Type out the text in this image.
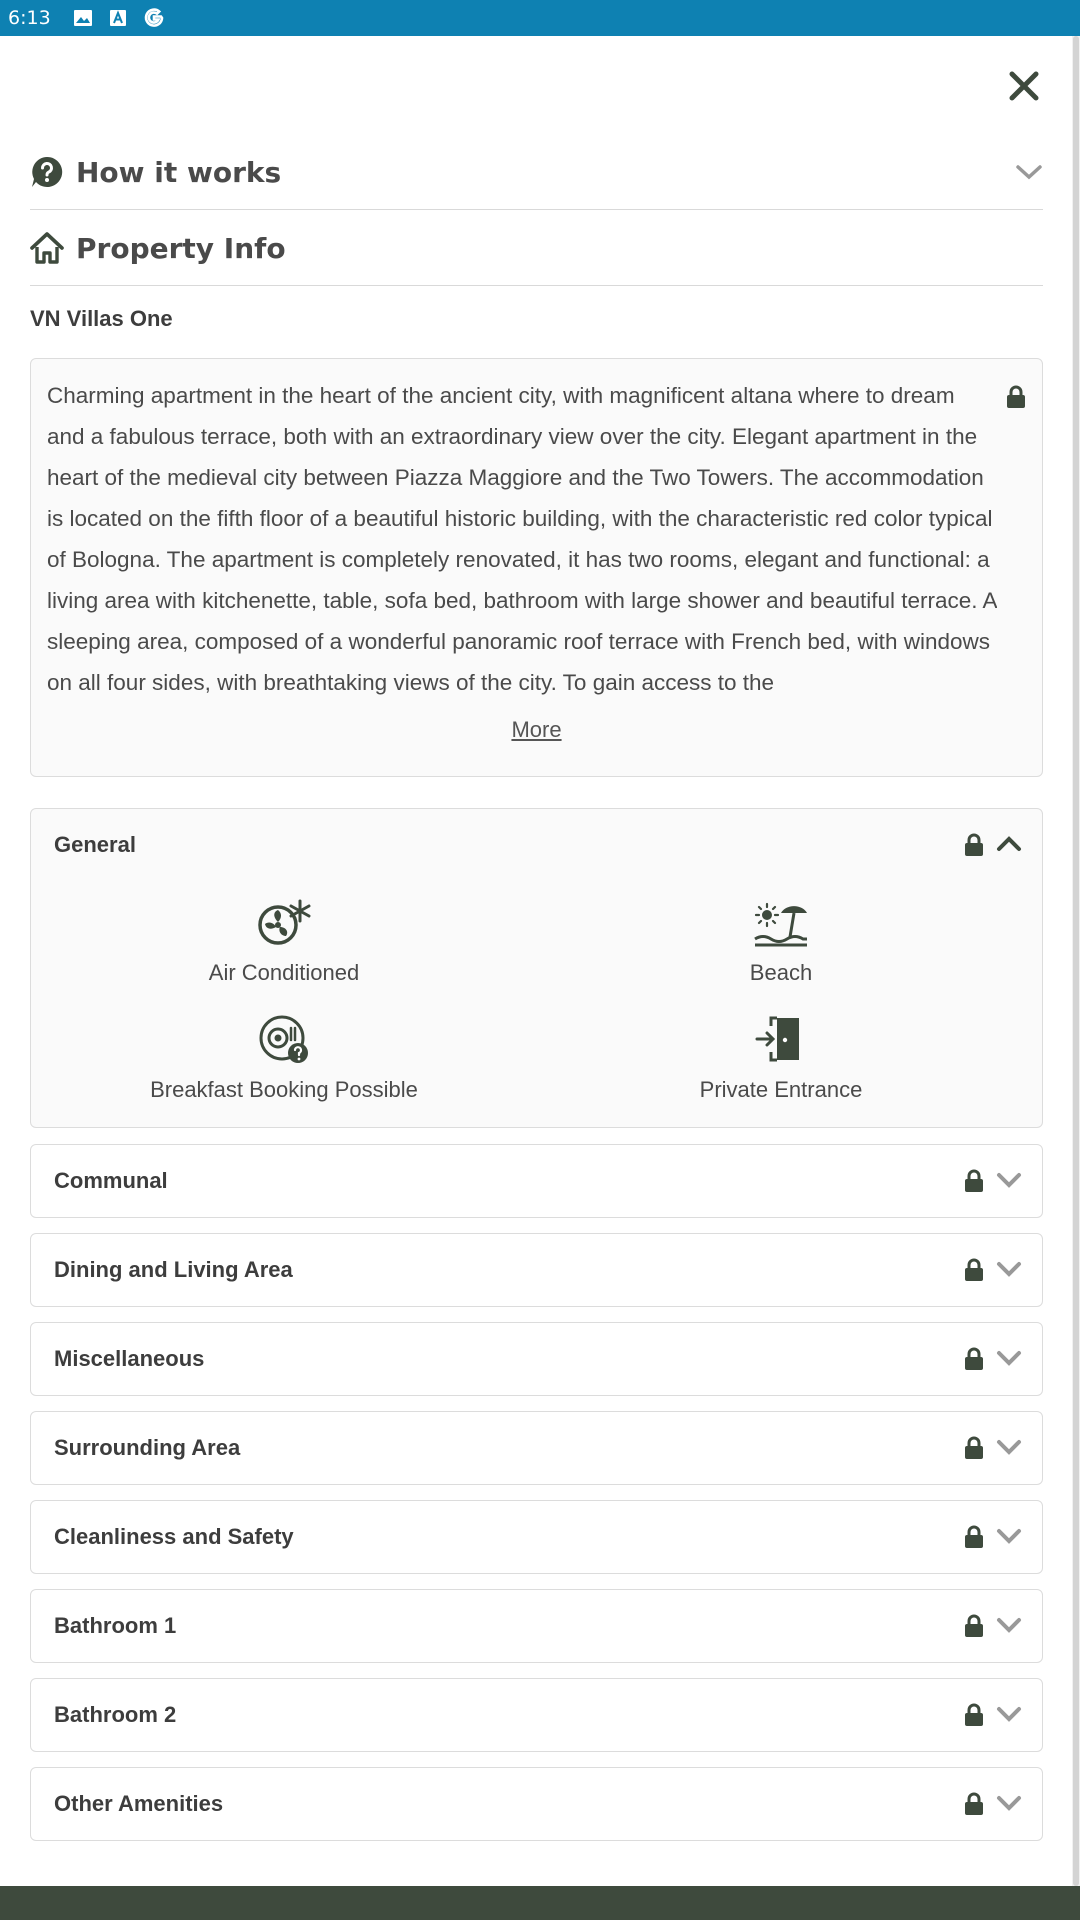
6:13
How it works
Property Info
VN Villas One
Charming apartment in the heart of the ancient city, with magnificent altana where to dream and a fabulous terrace, both with an extraordinary view over the city. Elegant apartment in the heart of the medieval city between Piazza Maggiore and the Two Towers. The accommodation is located on the fifth floor of a beautiful historic building, with the characteristic red color typical of Bologna. The apartment is completely renovated, it has two rooms, elegant and functional: a living area with kitchenette, table, sofa bed, bathroom with large shower and beautiful terrace. A sleeping area, composed of a wonderful panoramic roof terrace with French bed, with windows on all four sides, with breathtaking views of the city. To gain access to the
More
General
Air Conditioned	Beach
Breakfast Booking Possible	Private Entrance
Communal
Dining and Living Area
Miscellaneous
Surrounding Area
Cleanliness and Safety
Bathroom 1
Bathroom 2
Other Amenities
